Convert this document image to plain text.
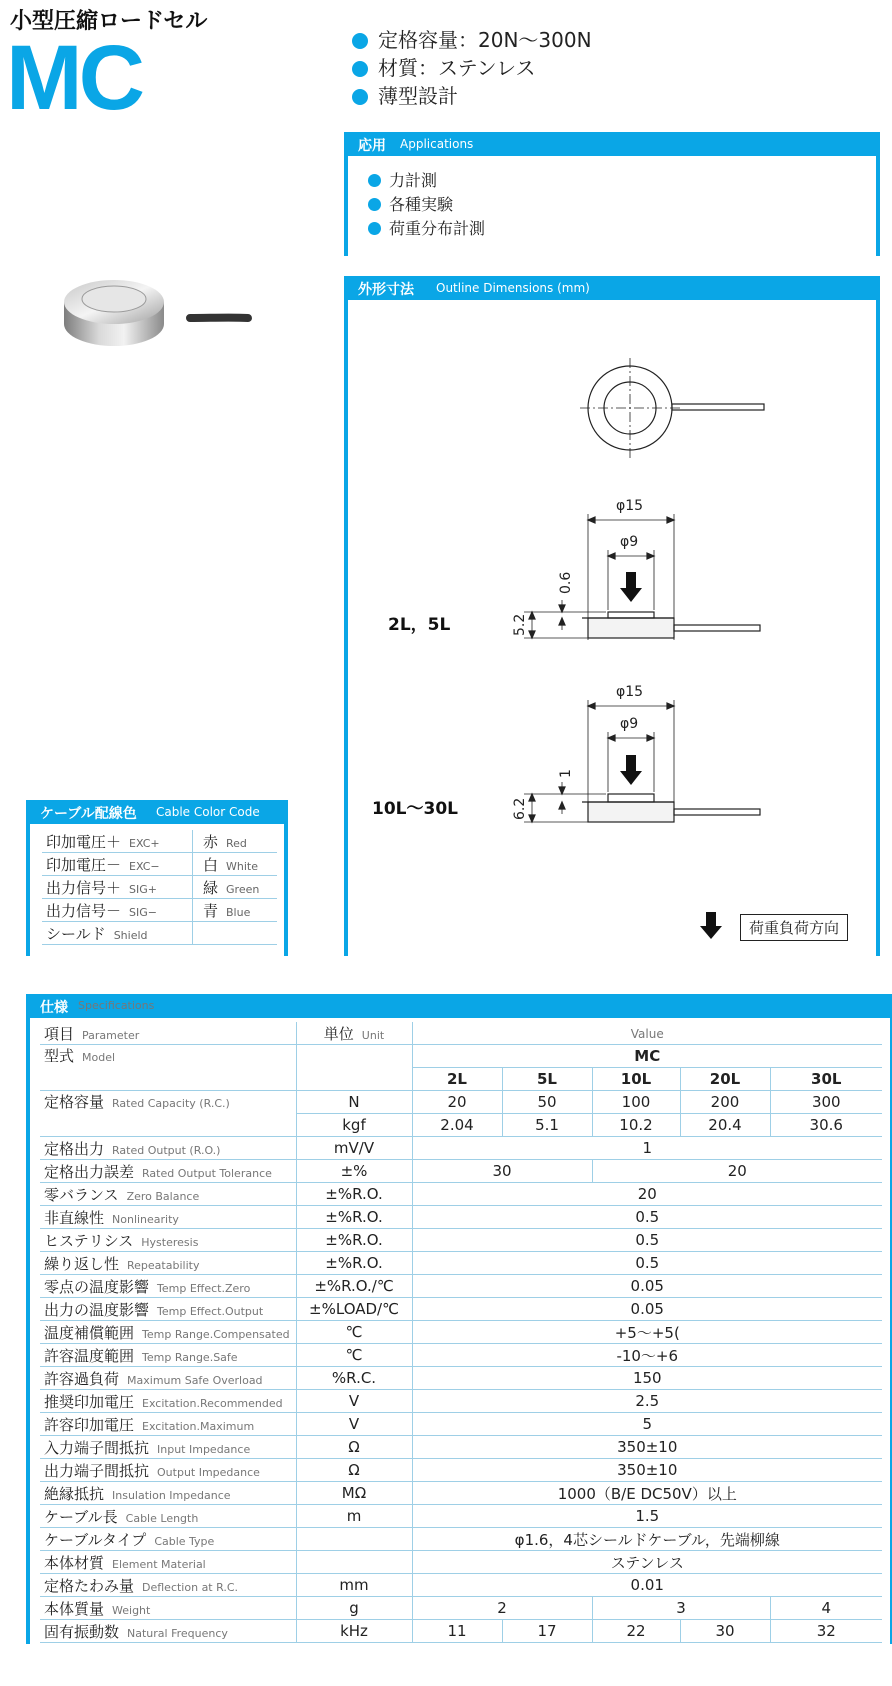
小型圧縮ロードセル
MC	定格容量：20N～300N
材質：ステンレス
薄型設計
応用 Applications
力計測
各種実験
荷重分布計測
外形寸法 Outline Dimensions (mm)
φ15
φ9
0.6
5.2
φ15
φ9
1
6.2
2L，5L
10L～30L
荷重負荷方向
ケーブル配線色 Cable Color Code
印加電圧＋ EXC+	赤 Red
印加電圧－ EXC−	白 White
出力信号＋ SIG+	緑 Green
出力信号－ SIG−	青 Blue
シールド Shield	
仕様 Specifications
項目 Parameter	単位 Unit	Value				
型式 Model		MC				
		2L	5L	10L	20L	30L
定格容量 Rated Capacity (R.C.)	N	20	50	100	200	300
	kgf	2.04	5.1	10.2	20.4	30.6
定格出力 Rated Output (R.O.)	mV/V	1				
定格出力誤差 Rated Output Tolerance	±%	30		20		
零バランス Zero Balance	±%R.O.	20				
非直線性 Nonlinearity	±%R.O.	0.5				
ヒステリシス Hysteresis	±%R.O.	0.5				
繰り返し性 Repeatability	±%R.O.	0.5				
零点の温度影響 Temp Effect.Zero	±%R.O./℃	0.05				
出力の温度影響 Temp Effect.Output	±%LOAD/℃	0.05				
温度補償範囲 Temp Range.Compensated	℃	+5～+5(				
許容温度範囲 Temp Range.Safe	℃	-10～+6				
許容過負荷 Maximum Safe Overload	%R.C.	150				
推奨印加電圧 Excitation.Recommended	V	2.5				
許容印加電圧 Excitation.Maximum	V	5				
入力端子間抵抗 Input Impedance	Ω	350±10				
出力端子間抵抗 Output Impedance	Ω	350±10				
絶縁抵抗 Insulation Impedance	MΩ	1000（B/E DC50V）以上				
ケーブル長 Cable Length	m	1.5				
ケーブルタイプ Cable Type		φ1.6，4芯シールドケーブル，先端柳線				
本体材質 Element Material		ステンレス				
定格たわみ量 Deflection at R.C.	mm	0.01				
本体質量 Weight	g	2		3		4
固有振動数 Natural Frequency	kHz	11	17	22	30	32
